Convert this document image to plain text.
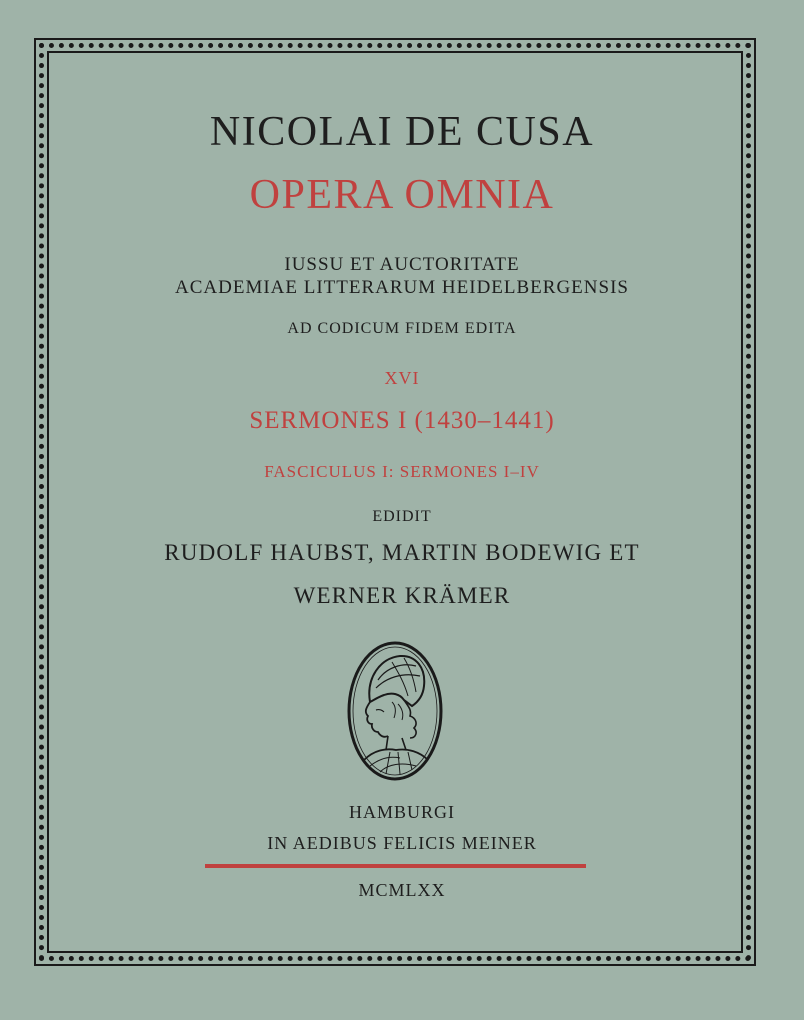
NICOLAI DE CUSA
OPERA OMNIA
IUSSU ET AUCTORITATE
ACADEMIAE LITTERARUM HEIDELBERGENSIS
AD CODICUM FIDEM EDITA
XVI
SERMONES I (1430–1441)
FASCICULUS I: SERMONES I–IV
EDIDIT
RUDOLF HAUBST, MARTIN BODEWIG ET
WERNER KRÄMER
HAMBURGI
IN AEDIBUS FELICIS MEINER
MCMLXX
